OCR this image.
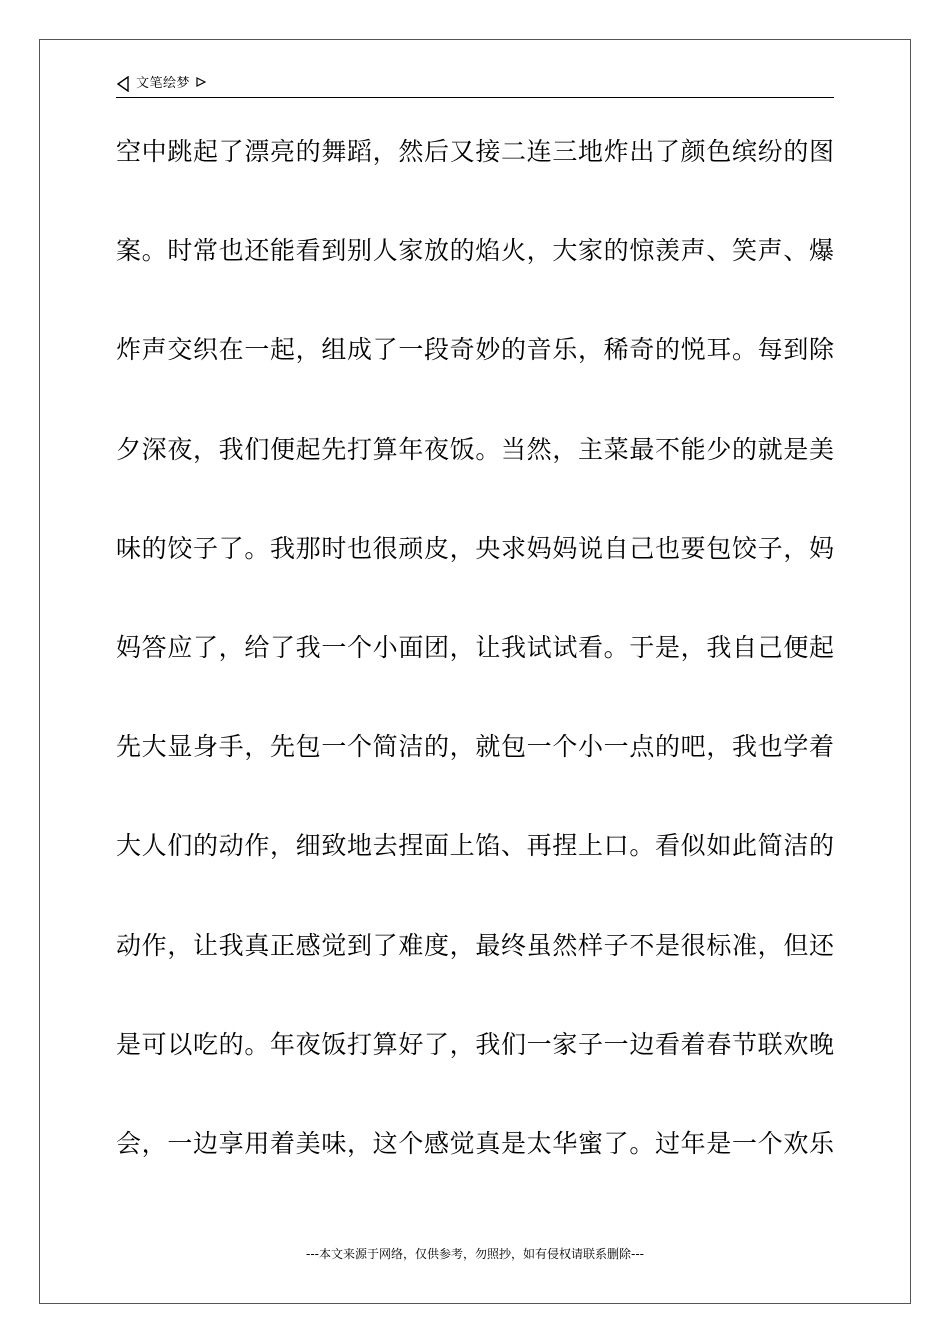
文笔绘梦
空中跳起了漂亮的舞蹈，然后又接二连三地炸出了颜色缤纷的图
案。时常也还能看到别人家放的焰火，大家的惊羡声、笑声、爆
炸声交织在一起，组成了一段奇妙的音乐，稀奇的悦耳。每到除
夕深夜，我们便起先打算年夜饭。当然，主菜最不能少的就是美
味的饺子了。我那时也很顽皮，央求妈妈说自己也要包饺子，妈
妈答应了，给了我一个小面团，让我试试看。于是，我自己便起
先大显身手，先包一个简洁的，就包一个小一点的吧，我也学着
大人们的动作，细致地去捏面上馅、再捏上口。看似如此简洁的
动作，让我真正感觉到了难度，最终虽然样子不是很标准，但还
是可以吃的。年夜饭打算好了，我们一家子一边看着春节联欢晚
会，一边享用着美味，这个感觉真是太华蜜了。过年是一个欢乐
---本文来源于网络，仅供参考，勿照抄，如有侵权请联系删除---
